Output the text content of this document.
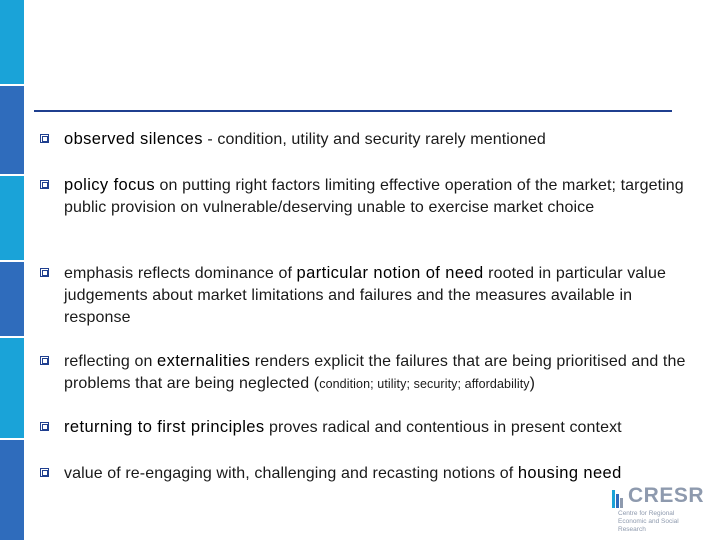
observed silences - condition, utility and security rarely mentioned
policy focus on putting right factors limiting effective operation of the market; targeting public provision on vulnerable/deserving unable to exercise market choice
emphasis reflects dominance of particular notion of need rooted in particular value judgements about market limitations and failures and the measures available in response
reflecting on externalities renders explicit the failures that are being prioritised and the problems that are being neglected (condition; utility; security; affordability)
returning to first principles proves radical and contentious in present context
value of re-engaging with, challenging and recasting notions of housing need
CRESR
Centre for Regional Economic and Social Research
